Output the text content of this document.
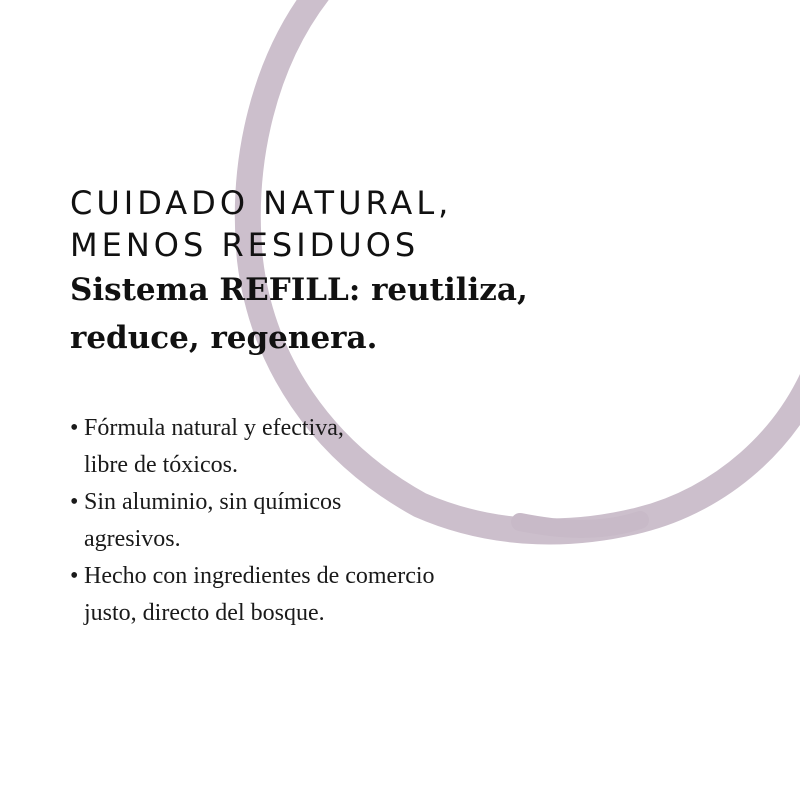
CUIDADO NATURAL,
MENOS RESIDUOS
Sistema REFILL: reutiliza,
reduce, regenera.
• Fórmula natural y efectiva,
libre de tóxicos.
• Sin aluminio, sin químicos
agresivos.
• Hecho con ingredientes de comercio
justo, directo del bosque.
